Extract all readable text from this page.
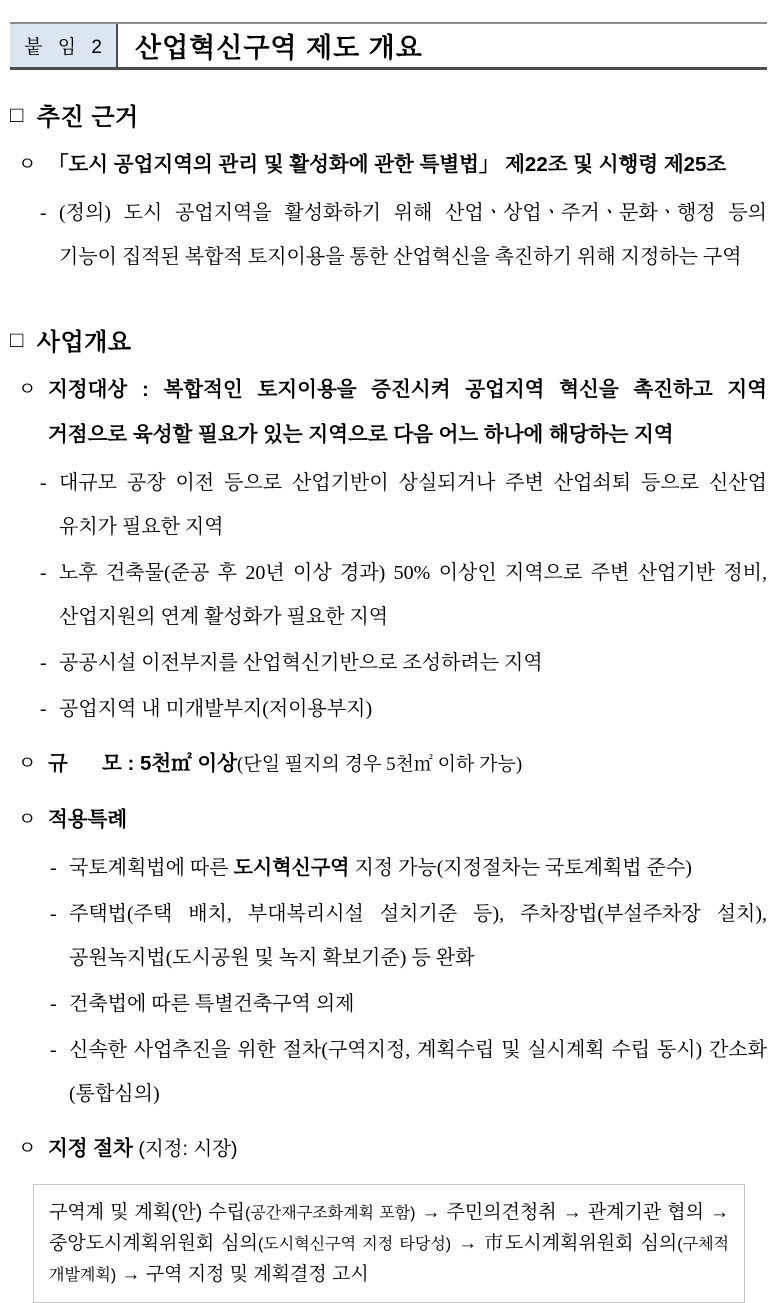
붙 임 2	산업혁신구역 제도 개요
□ 추진 근거
ㅇ 「도시 공업지역의 관리 및 활성화에 관한 특별법」 제22조 및 시행령 제25조
- (정의) 도시 공업지역을 활성화하기 위해 산업ㆍ상업ㆍ주거ㆍ문화ㆍ행정 등의 기능이 집적된 복합적 토지이용을 통한 산업혁신을 촉진하기 위해 지정하는 구역
□ 사업개요
ㅇ 지정대상 : 복합적인 토지이용을 증진시켜 공업지역 혁신을 촉진하고 지역 거점으로 육성할 필요가 있는 지역으로 다음 어느 하나에 해당하는 지역
- 대규모 공장 이전 등으로 산업기반이 상실되거나 주변 산업쇠퇴 등으로 신산업 유치가 필요한 지역
- 노후 건축물(준공 후 20년 이상 경과) 50% 이상인 지역으로 주변 산업기반 정비, 산업지원의 연계 활성화가 필요한 지역
- 공공시설 이전부지를 산업혁신기반으로 조성하려는 지역
- 공업지역 내 미개발부지(저이용부지)
ㅇ 규      모 : 5천㎡ 이상(단일 필지의 경우 5천㎡ 이하 가능)
ㅇ 적용특례
- 국토계획법에 따른 도시혁신구역 지정 가능(지정절차는 국토계획법 준수)
- 주택법(주택 배치, 부대복리시설 설치기준 등), 주차장법(부설주차장 설치), 공원녹지법(도시공원 및 녹지 확보기준) 등 완화
- 건축법에 따른 특별건축구역 의제
- 신속한 사업추진을 위한 절차(구역지정, 계획수립 및 실시계획 수립 동시) 간소화(통합심의)
ㅇ 지정 절차 (지정: 시장)
구역계 및 계획(안) 수립(공간재구조화계획 포함) → 주민의견청취 → 관계기관 협의 → 중앙도시계획위원회 심의(도시혁신구역 지정 타당성) → 市도시계획위원회 심의(구체적 개발계획) → 구역 지정 및 계획결정 고시
